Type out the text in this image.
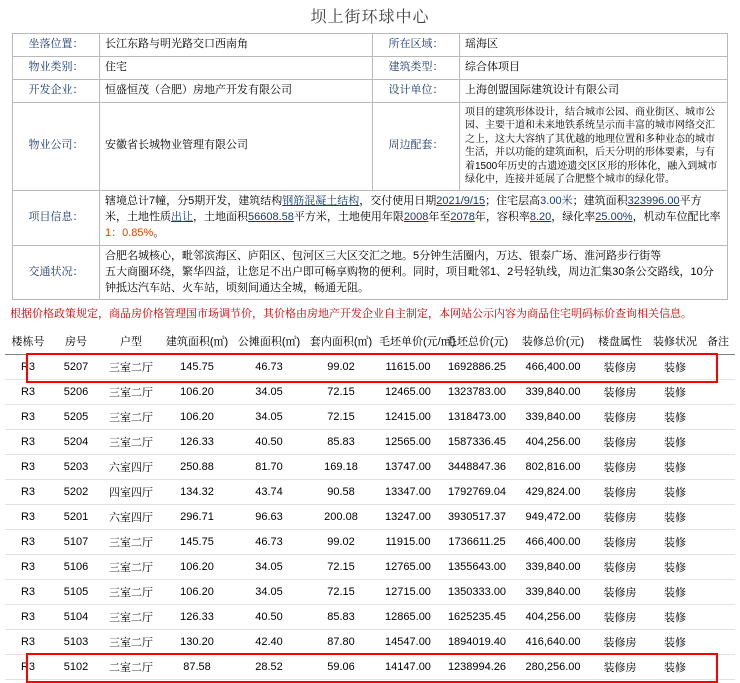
坝上街环球中心
坐落位置：	长江东路与明光路交口西南角	所在区域：	瑶海区
物业类别：	住宅	建筑类型：	综合体项目
开发企业：	恒盛恒茂（合肥）房地产开发有限公司	设计单位：	上海创盟国际建筑设计有限公司
物业公司：	安徽省长城物业管理有限公司	周边配套：	项目的建筑形体设计，结合城市公园、商业街区、城市公园、主要干道和未来地铁系统呈示而丰富的城市网络交汇之上，这大大容纳了其优越的地理位置和多种业态的城市生活，并以功能的建筑面积，后天分明的形体要素，与有着1500年历史的古遗迹遗交区区形的形体化，融入到城市绿化中，连接并延展了合肥整个城市的绿化带。
项目信息：	辖境总计7幢，分5期开发，建筑结构钢筋混凝土结构，交付使用日期2021/9/15；住宅层高3.00米；建筑面积323996.00平方米，土地性质出让，土地面积56608.58平方米，土地使用年限2008年至2078年，容积率8.20，绿化率25.00%，机动车位配比率1：0.85%。		
交通状况：	合肥名城核心，毗邻滨海区、庐阳区、包河区三大区交汇之地。5分钟生活圈内，万达、银泰广场、淮河路步行街等
五大商圈环绕，繁华四益，让您足不出户即可畅享购物的便利。同时，项目毗邻1、2号轻轨线，周边汇集30条公交路线，10分钟抵达汽车站、火车站，顷刻间通达全城，畅通无阻。		
根据价格政策规定，商品房价格管理国市场调节价，其价格由房地产开发企业自主制定，本网站公示内容为商品住宅明码标价查询相关信息。
楼栋号	房号	户型	建筑面积(㎡)	公摊面积(㎡)	套内面积(㎡)	毛坯单价(元/㎡)	毛坯总价(元)	装修总价(元)	楼盘属性	装修状况	备注
R3	5207	三室二厅	145.75	46.73	99.02	11615.00	1692886.25	466,400.00	装修房	装修	
R3	5206	三室二厅	106.20	34.05	72.15	12465.00	1323783.00	339,840.00	装修房	装修	
R3	5205	三室二厅	106.20	34.05	72.15	12415.00	1318473.00	339,840.00	装修房	装修	
R3	5204	三室二厅	126.33	40.50	85.83	12565.00	1587336.45	404,256.00	装修房	装修	
R3	5203	六室四厅	250.88	81.70	169.18	13747.00	3448847.36	802,816.00	装修房	装修	
R3	5202	四室四厅	134.32	43.74	90.58	13347.00	1792769.04	429,824.00	装修房	装修	
R3	5201	六室四厅	296.71	96.63	200.08	13247.00	3930517.37	949,472.00	装修房	装修	
R3	5107	三室二厅	145.75	46.73	99.02	11915.00	1736611.25	466,400.00	装修房	装修	
R3	5106	三室二厅	106.20	34.05	72.15	12765.00	1355643.00	339,840.00	装修房	装修	
R3	5105	三室二厅	106.20	34.05	72.15	12715.00	1350333.00	339,840.00	装修房	装修	
R3	5104	三室二厅	126.33	40.50	85.83	12865.00	1625235.45	404,256.00	装修房	装修	
R3	5103	三室二厅	130.20	42.40	87.80	14547.00	1894019.40	416,640.00	装修房	装修	
R3	5102	二室二厅	87.58	28.52	59.06	14147.00	1238994.26	280,256.00	装修房	装修	
